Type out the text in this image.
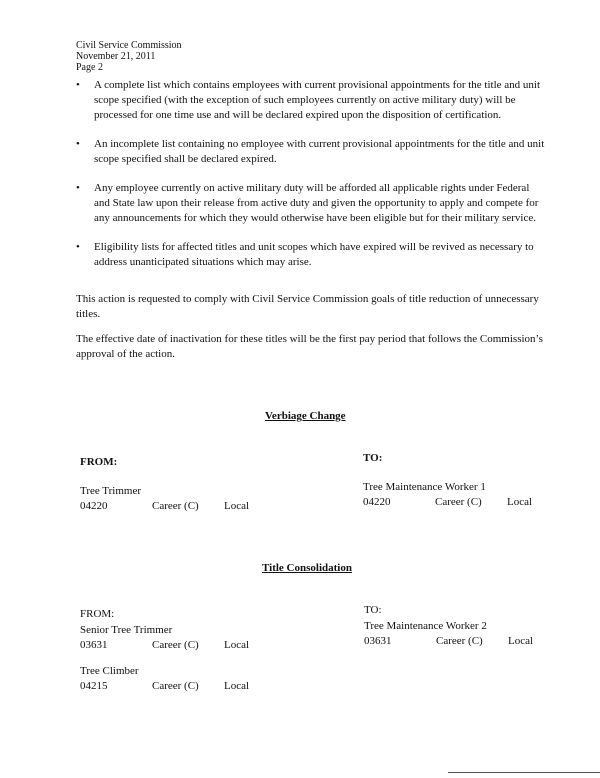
Civil Service Commission
November 21, 2011
Page 2
• A complete list which contains employees with current provisional appointments for the title and unit scope specified (with the exception of such employees currently on active military duty) will be processed for one time use and will be declared expired upon the disposition of certification.
• An incomplete list containing no employee with current provisional appointments for the title and unit scope specified shall be declared expired.
• Any employee currently on active military duty will be afforded all applicable rights under Federal and State law upon their release from active duty and given the opportunity to apply and compete for any announcements for which they would otherwise have been eligible but for their military service.
• Eligibility lists for affected titles and unit scopes which have expired will be revived as necessary to address unanticipated situations which may arise.
This action is requested to comply with Civil Service Commission goals of title reduction of unnecessary titles.
The effective date of inactivation for these titles will be the first pay period that follows the Commission’s approval of the action.
Verbiage Change
FROM:	TO:
Tree Trimmer
04220	Career (C) Local
Tree Maintenance Worker 1
04220	Career (C) Local
Title Consolidation
FROM:	TO:
Senior Tree Trimmer
03631	Career (C) Local
Tree Climber
04215	Career (C) Local
Tree Maintenance Worker 2
03631	Career (C) Local
